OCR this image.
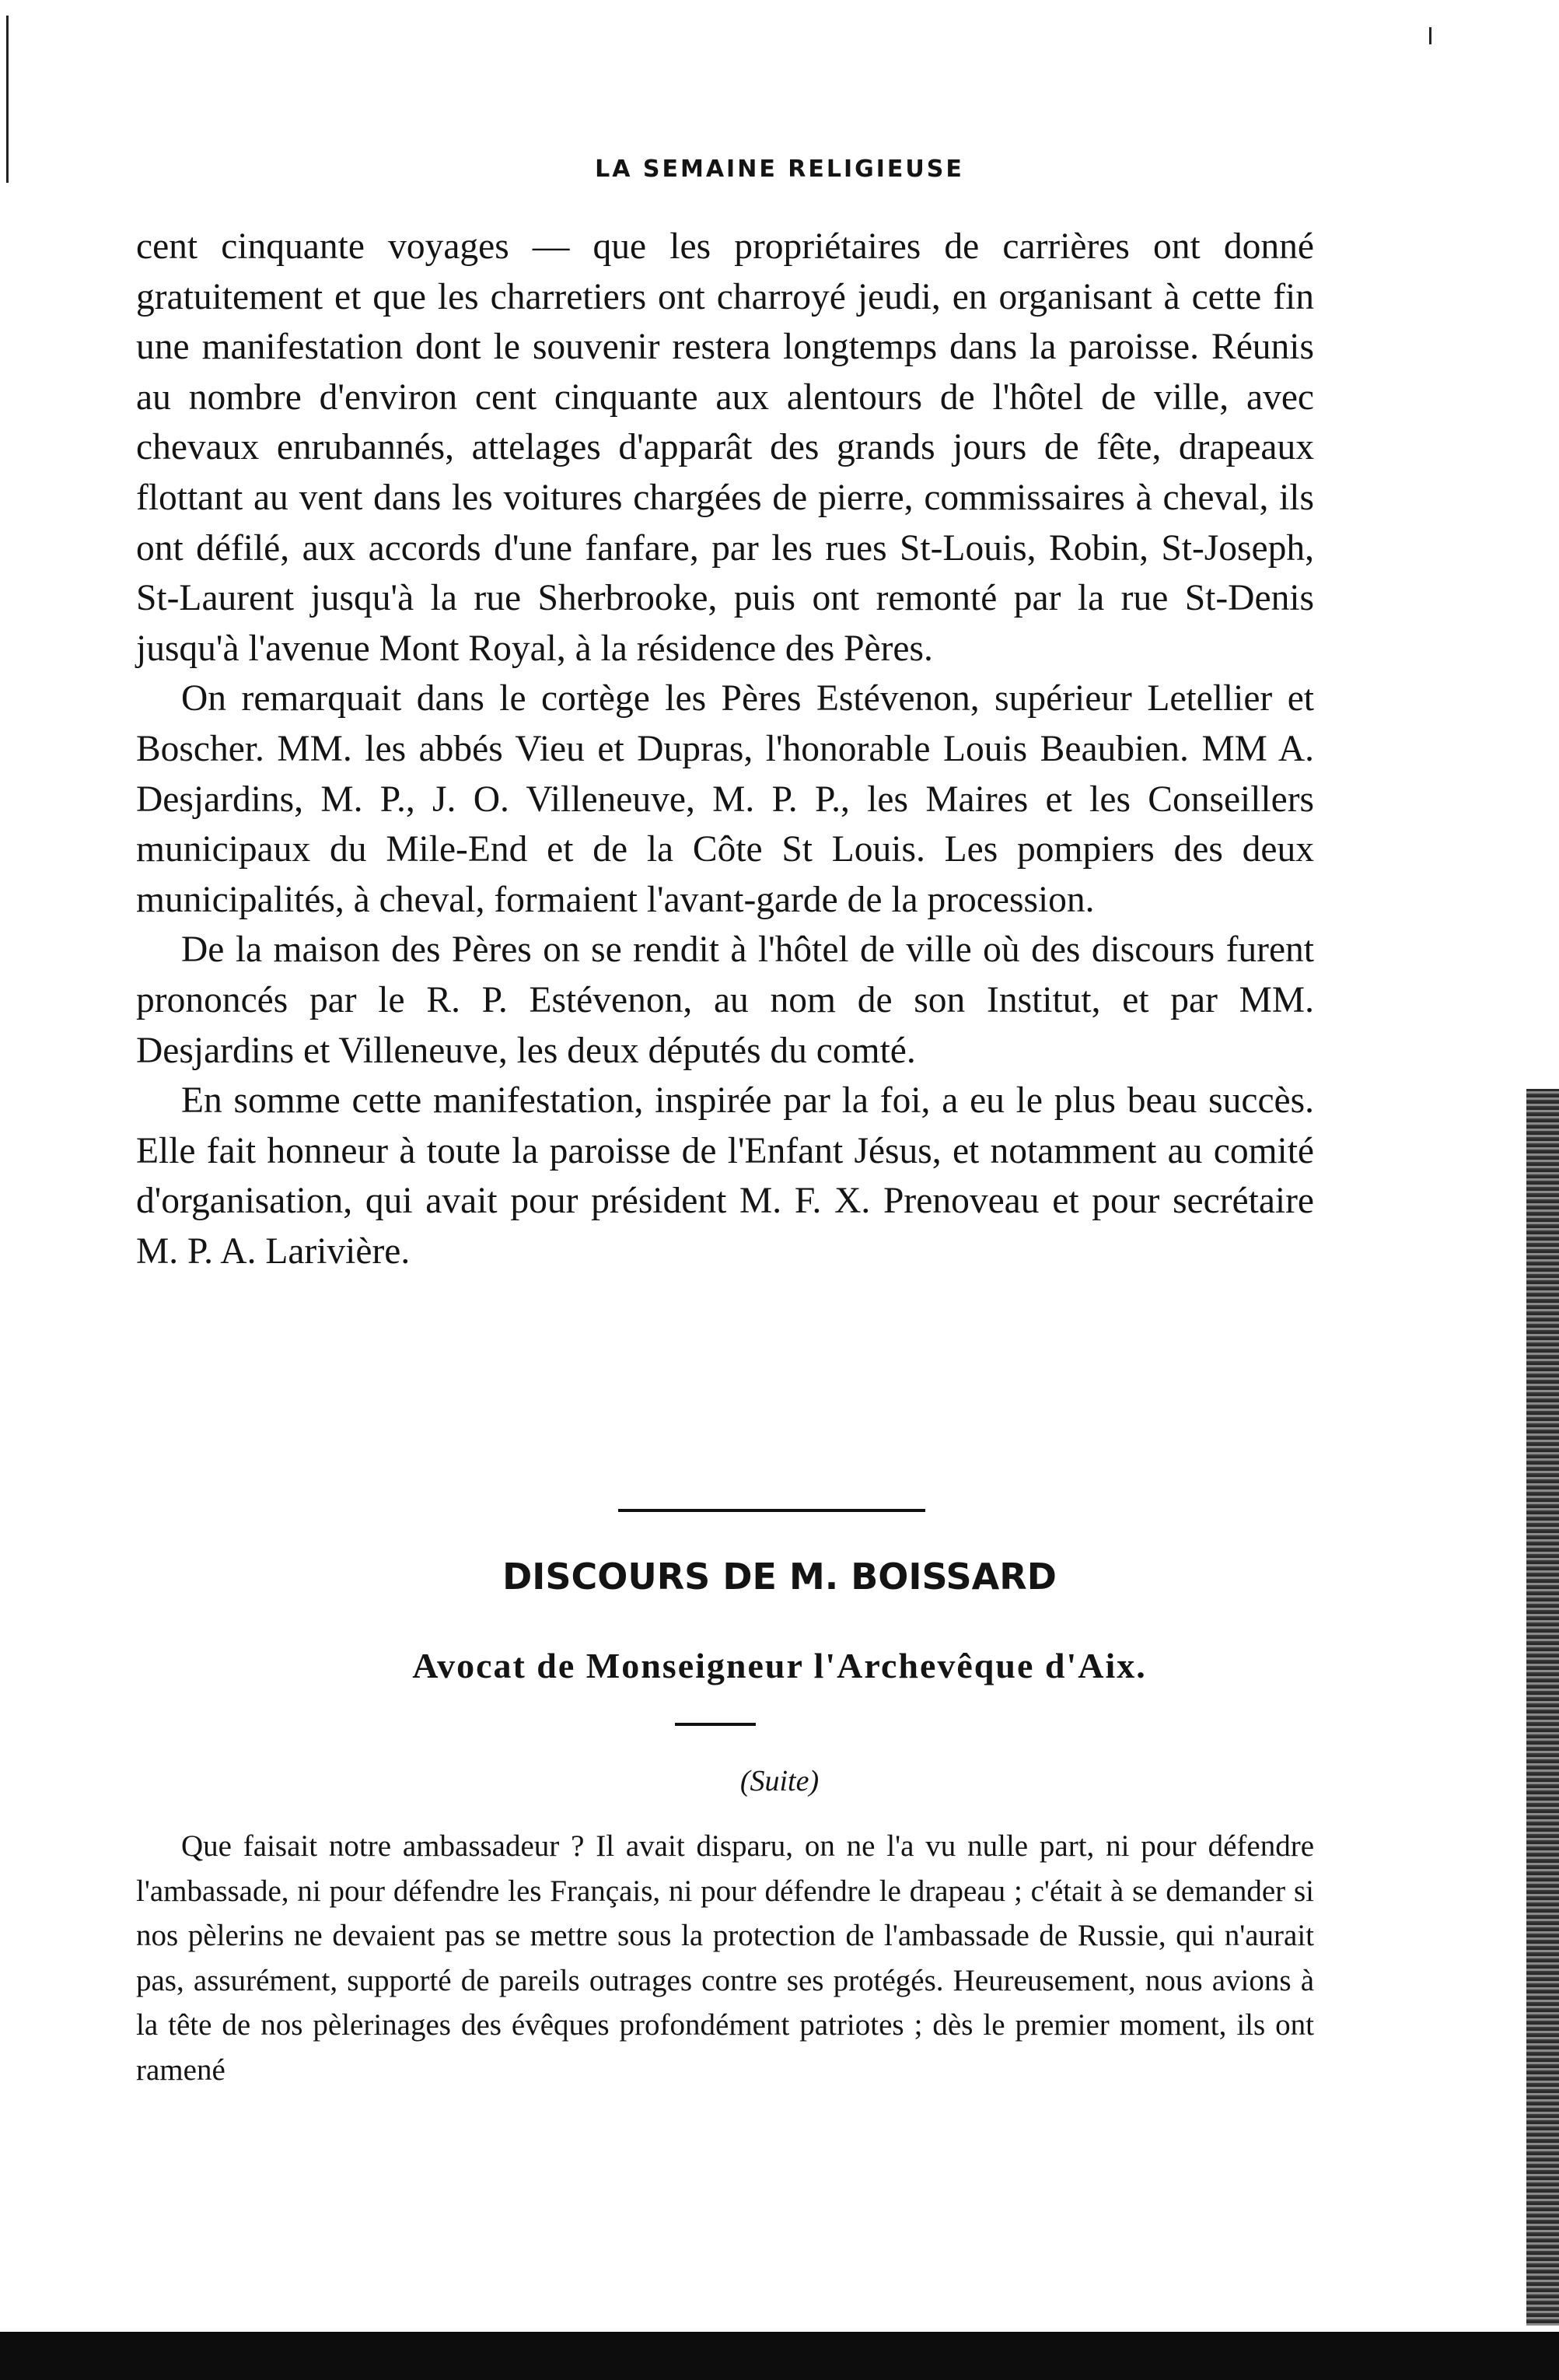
LA SEMAINE RELIGIEUSE

cent cinquante voyages — que les propriétaires de carrières ont donné gratuitement et que les charretiers ont charroyé jeudi, en organisant à cette fin une manifestation dont le souvenir restera longtemps dans la paroisse. Réunis au nombre d'environ cent cinquante aux alentours de l'hôtel de ville, avec chevaux enrubannés, attelages d'apparât des grands jours de fête, drapeaux flottant au vent dans les voitures chargées de pierre, commissaires à cheval, ils ont défilé, aux accords d'une fanfare, par les rues St-Louis, Robin, St-Joseph, St-Laurent jusqu'à la rue Sherbrooke, puis ont remonté par la rue St-Denis jusqu'à l'avenue Mont Royal, à la résidence des Pères.

On remarquait dans le cortège les Pères Estévenon, supérieur Letellier et Boscher. MM. les abbés Vieu et Dupras, l'honorable Louis Beaubien. MM A. Desjardins, M. P., J. O. Villeneuve, M. P. P., les Maires et les Conseillers municipaux du Mile-End et de la Côte St Louis. Les pompiers des deux municipalités, à cheval, formaient l'avant-garde de la procession.

De la maison des Pères on se rendit à l'hôtel de ville où des discours furent prononcés par le R. P. Estévenon, au nom de son Institut, et par MM. Desjardins et Villeneuve, les deux députés du comté.

En somme cette manifestation, inspirée par la foi, a eu le plus beau succès. Elle fait honneur à toute la paroisse de l'Enfant Jésus, et notamment au comité d'organisation, qui avait pour président M. F. X. Prenoveau et pour secrétaire M. P. A. Larivière.

DISCOURS DE M. BOISSARD
Avocat de Monseigneur l'Archevêque d'Aix.
(Suite)

Que faisait notre ambassadeur ? Il avait disparu, on ne l'a vu nulle part, ni pour défendre l'ambassade, ni pour défendre les Français, ni pour défendre le drapeau ; c'était à se demander si nos pèlerins ne devaient pas se mettre sous la protection de l'ambassade de Russie, qui n'aurait pas, assurément, supporté de pareils outrages contre ses protégés. Heureusement, nous avions à la tête de nos pèlerinages des évêques profondément patriotes ; dès le premier moment, ils ont ramené
